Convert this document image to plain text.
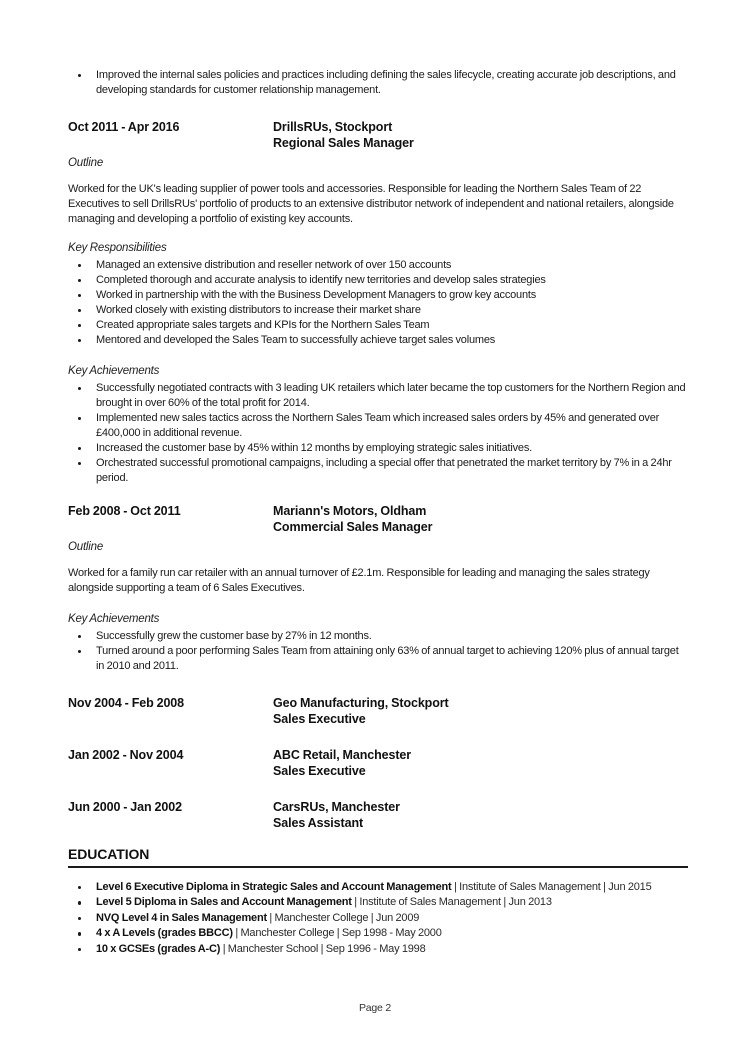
Improved the internal sales policies and practices including defining the sales lifecycle, creating accurate job descriptions, and developing standards for customer relationship management.
Oct 2011 - Apr 2016	DrillsRUs, Stockport
Regional Sales Manager
Outline

Worked for the UK's leading supplier of power tools and accessories. Responsible for leading the Northern Sales Team of 22 Executives to sell DrillsRUs' portfolio of products to an extensive distributor network of independent and national retailers, alongside managing and developing a portfolio of existing key accounts.

Key Responsibilities
Managed an extensive distribution and reseller network of over 150 accounts
Completed thorough and accurate analysis to identify new territories and develop sales strategies
Worked in partnership with the with the Business Development Managers to grow key accounts
Worked closely with existing distributors to increase their market share
Created appropriate sales targets and KPIs for the Northern Sales Team
Mentored and developed the Sales Team to successfully achieve target sales volumes
Key Achievements
Successfully negotiated contracts with 3 leading UK retailers which later became the top customers for the Northern Region and brought in over 60% of the total profit for 2014.
Implemented new sales tactics across the Northern Sales Team which increased sales orders by 45% and generated over £400,000 in additional revenue.
Increased the customer base by 45% within 12 months by employing strategic sales initiatives.
Orchestrated successful promotional campaigns, including a special offer that penetrated the market territory by 7% in a 24hr period.
Feb 2008 - Oct 2011	Mariann's Motors, Oldham
Commercial Sales Manager
Outline

Worked for a family run car retailer with an annual turnover of £2.1m. Responsible for leading and managing the sales strategy alongside supporting a team of 6 Sales Executives.

Key Achievements
Successfully grew the customer base by 27% in 12 months.
Turned around a poor performing Sales Team from attaining only 63% of annual target to achieving 120% plus of annual target in 2010 and 2011.
Nov 2004 - Feb 2008	Geo Manufacturing, Stockport
Sales Executive
Jan 2002 - Nov 2004	ABC Retail, Manchester
Sales Executive
Jun 2000 - Jan 2002	CarsRUs, Manchester
Sales Assistant
EDUCATION
Level 6 Executive Diploma in Strategic Sales and Account Management | Institute of Sales Management | Jun 2015
Level 5 Diploma in Sales and Account Management | Institute of Sales Management | Jun 2013
NVQ Level 4 in Sales Management | Manchester College | Jun 2009
4 x A Levels (grades BBCC) | Manchester College | Sep 1998 - May 2000
10 x GCSEs (grades A-C) | Manchester School | Sep 1996 - May 1998
Page 2
